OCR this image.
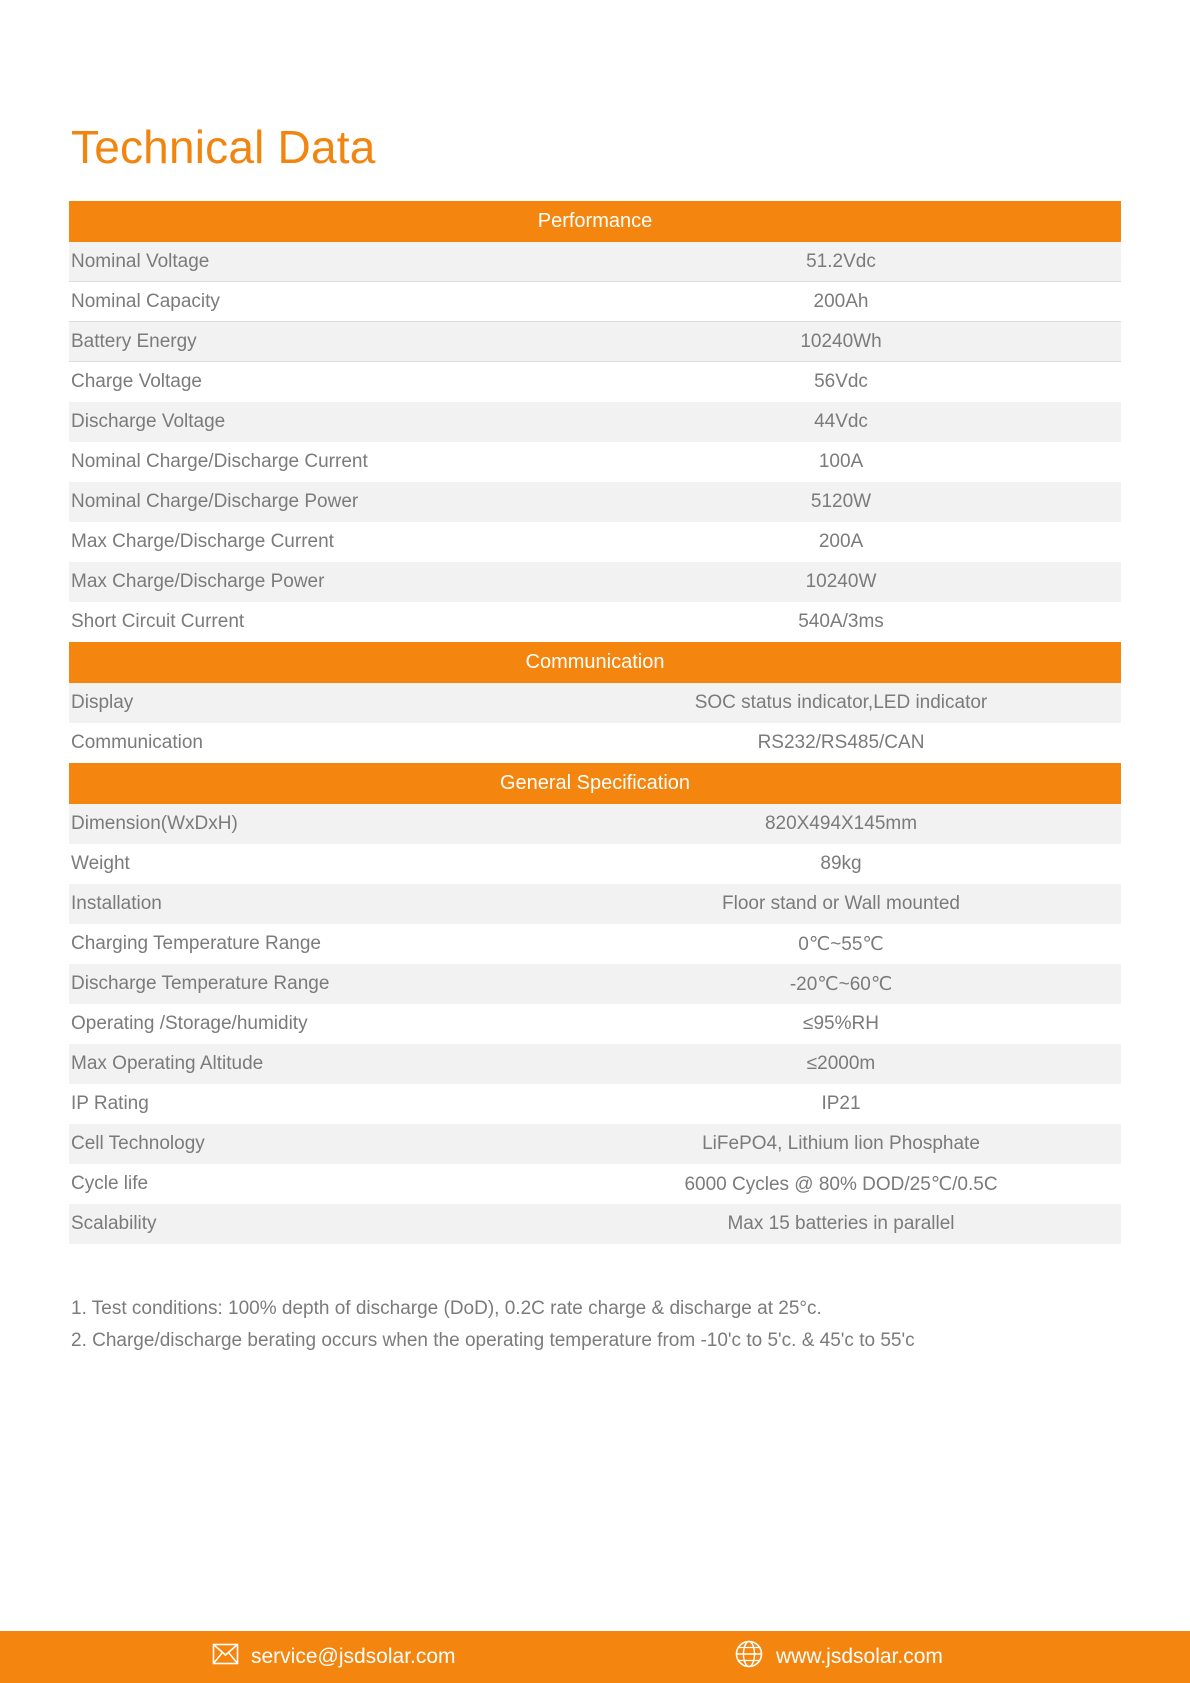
Technical Data
Performance
Nominal Voltage	51.2Vdc
Nominal Capacity	200Ah
Battery Energy	10240Wh
Charge Voltage	56Vdc
Discharge Voltage	44Vdc
Nominal Charge/Discharge Current	100A
Nominal Charge/Discharge Power	5120W
Max Charge/Discharge Current	200A
Max Charge/Discharge Power	10240W
Short Circuit Current	540A/3ms
Communication
Display	SOC status indicator,LED indicator
Communication	RS232/RS485/CAN
General Specification
Dimension(WxDxH)	820X494X145mm
Weight	89kg
Installation	Floor stand or Wall mounted
Charging Temperature Range	0℃~55℃
Discharge Temperature Range	-20℃~60℃
Operating /Storage/humidity	≤95%RH
Max Operating Altitude	≤2000m
IP Rating	IP21
Cell Technology	LiFePO4, Lithium lion Phosphate
Cycle life	6000 Cycles @ 80% DOD/25℃/0.5C
Scalability	Max 15 batteries in parallel
1. Test conditions: 100% depth of discharge (DoD), 0.2C rate charge & discharge at 25°c.
2. Charge/discharge berating occurs when the operating temperature from -10'c to 5'c. & 45'c to 55'c
service@jsdsolar.com	www.jsdsolar.com
